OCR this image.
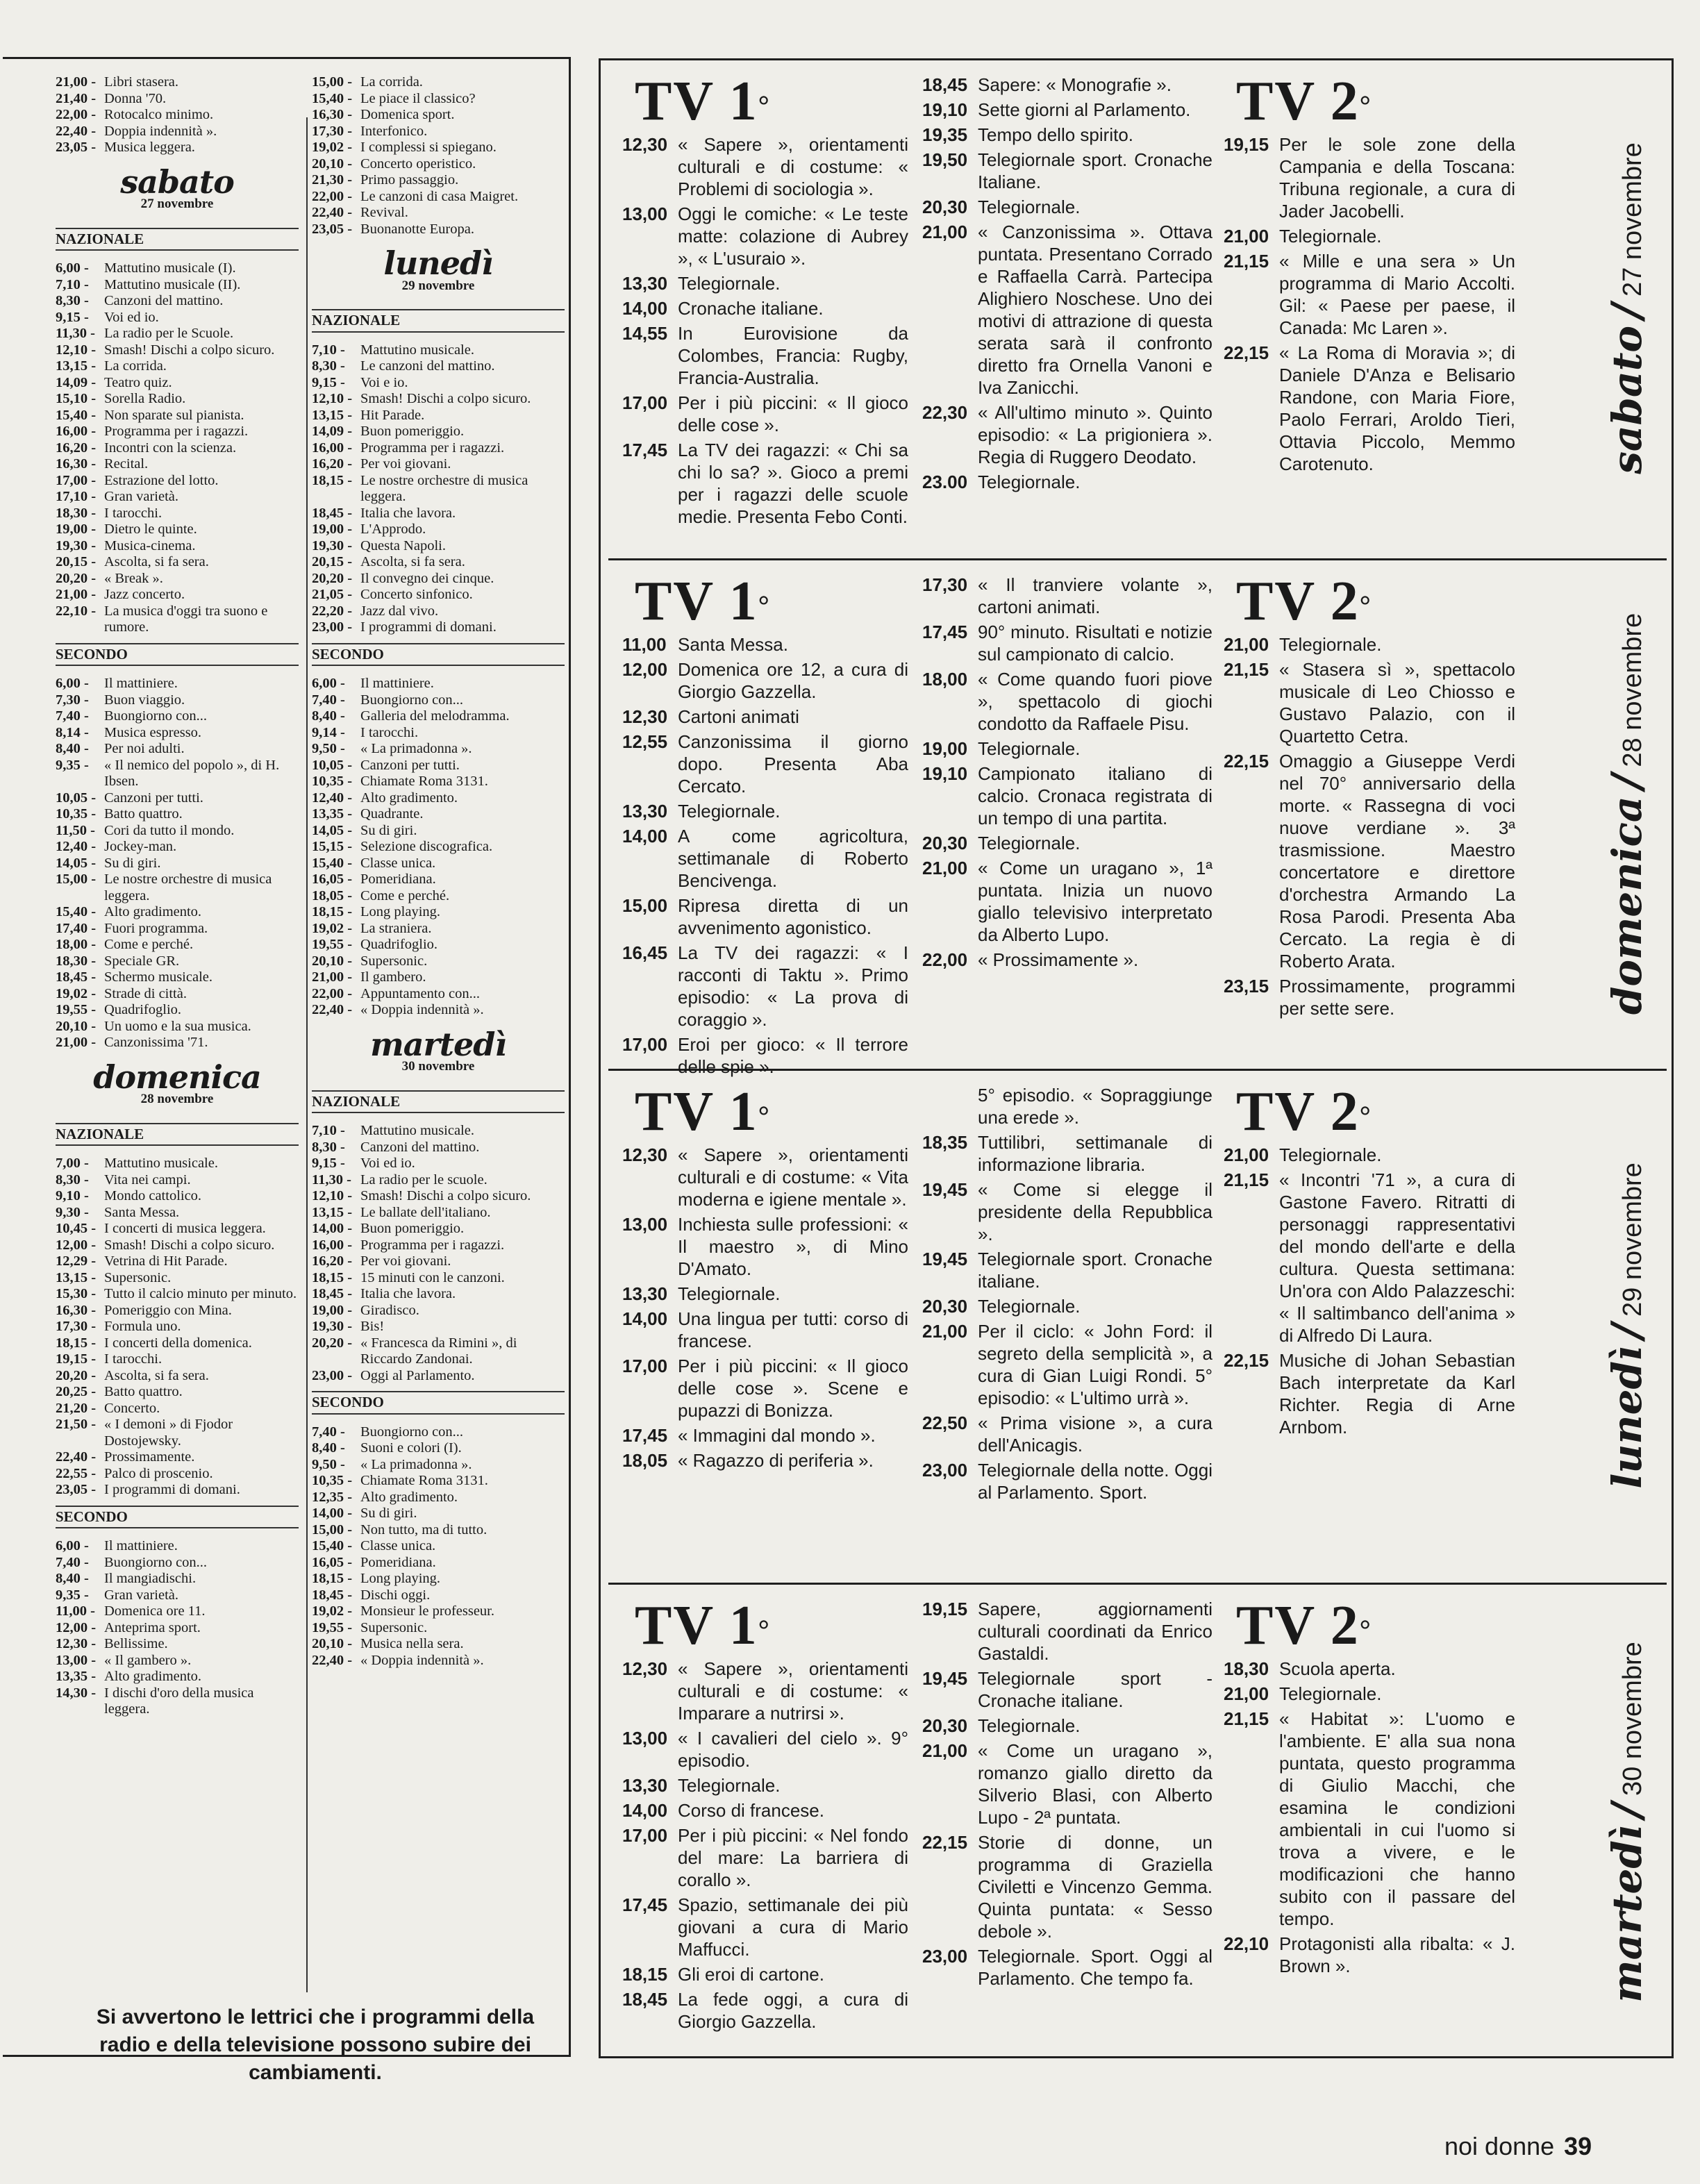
21,00 - Libri stasera.
21,40 - Donna '70.
22,00 - Rotocalco minimo.
22,40 - Doppia indennità ».
23,05 - Musica leggera.
sabato
27 novembre
NAZIONALE
6,00 -	Mattutino musicale (I).
7,10 -	Mattutino musicale (II).
8,30 -	Canzoni del mattino.
9,15 -	Voi ed io.
11,30 - La radio per le Scuole.
12,10 - Smash! Dischi a colpo sicuro.
13,15 - La corrida.
14,09 - Teatro quiz.
15,10 - Sorella Radio.
15,40 - Non sparate sul pianista.
16,00 - Programma per i ragazzi.
16,20 - Incontri con la scienza.
16,30 - Recital.
17,00 - Estrazione del lotto.
17,10 - Gran varietà.
18,30 - I tarocchi.
19,00 - Dietro le quinte.
19,30 - Musica-cinema.
20,15 - Ascolta, si fa sera.
20,20 - « Break ».
21,00 - Jazz concerto.
22,10 - La musica d'oggi tra suono e rumore.
SECONDO
6,00 -	Il mattiniere.
7,30 -	Buon viaggio.
7,40 -	Buongiorno con...
8,14 -	Musica espresso.
8,40 -	Per noi adulti.
9,35 -	« Il nemico del popolo », di H. Ibsen.
10,05 - Canzoni per tutti.
10,35 - Batto quattro.
11,50 - Cori da tutto il mondo.
12,40 - Jockey-man.
14,05 - Su di giri.
15,00 - Le nostre orchestre di musica leggera.
15,40 - Alto gradimento.
17,40 - Fuori programma.
18,00 - Come e perché.
18,30 - Speciale GR.
18,45 - Schermo musicale.
19,02 - Strade di città.
19,55 - Quadrifoglio.
20,10 - Un uomo e la sua musica.
21,00 - Canzonissima '71.
domenica
28 novembre
NAZIONALE
7,00 -	Mattutino musicale.
8,30 -	Vita nei campi.
9,10 -	Mondo cattolico.
9,30 -	Santa Messa.
10,45 - I concerti di musica leggera.
12,00 - Smash! Dischi a colpo sicuro.
12,29 - Vetrina di Hit Parade.
13,15 - Supersonic.
15,30 - Tutto il calcio minuto per minuto.
16,30 - Pomeriggio con Mina.
17,30 - Formula uno.
18,15 - I concerti della domenica.
19,15 - I tarocchi.
20,20 - Ascolta, si fa sera.
20,25 - Batto quattro.
21,20 - Concerto.
21,50 - « I demoni » di Fjodor Dostojewsky.
22,40 - Prossimamente.
22,55 - Palco di proscenio.
23,05 - I programmi di domani.
SECONDO
6,00 -	Il mattiniere.
7,40 -	Buongiorno con...
8,40 -	Il mangiadischi.
9,35 -	Gran varietà.
11,00 - Domenica ore 11.
12,00 - Anteprima sport.
12,30 - Bellissime.
13,00 - « Il gambero ».
13,35 - Alto gradimento.
14,30 - I dischi d'oro della musica leggera.
15,00 - La corrida.
15,40 - Le piace il classico?
16,30 - Domenica sport.
17,30 - Interfonico.
19,02 - I complessi si spiegano.
20,10 - Concerto operistico.
21,30 - Primo passaggio.
22,00 - Le canzoni di casa Maigret.
22,40 - Revival.
23,05 - Buonanotte Europa.
lunedì
29 novembre
NAZIONALE
7,10 -	Mattutino musicale.
8,30 -	Le canzoni del mattino.
9,15 -	Voi e io.
12,10 - Smash! Dischi a colpo sicuro.
13,15 - Hit Parade.
14,09 - Buon pomeriggio.
16,00 - Programma per i ragazzi.
16,20 - Per voi giovani.
18,15 - Le nostre orchestre di musica leggera.
18,45 - Italia che lavora.
19,00 - L'Approdo.
19,30 - Questa Napoli.
20,15 - Ascolta, si fa sera.
20,20 - Il convegno dei cinque.
21,05 - Concerto sinfonico.
22,20 - Jazz dal vivo.
23,00 - I programmi di domani.
SECONDO
6,00 -	Il mattiniere.
7,40 -	Buongiorno con...
8,40 -	Galleria del melodramma.
9,14 -	I tarocchi.
9,50 -	« La primadonna ».
10,05 - Canzoni per tutti.
10,35 - Chiamate Roma 3131.
12,40 - Alto gradimento.
13,35 - Quadrante.
14,05 - Su di giri.
15,15 - Selezione discografica.
15,40 - Classe unica.
16,05 - Pomeridiana.
18,05 - Come e perché.
18,15 - Long playing.
19,02 - La straniera.
19,55 - Quadrifoglio.
20,10 - Supersonic.
21,00 - Il gambero.
22,00 - Appuntamento con...
22,40 - « Doppia indennità ».
martedì
30 novembre
NAZIONALE
7,10 -	Mattutino musicale.
8,30 -	Canzoni del mattino.
9,15 -	Voi ed io.
11,30 - La radio per le scuole.
12,10 - Smash! Dischi a colpo sicuro.
13,15 - Le ballate dell'italiano.
14,00 - Buon pomeriggio.
16,00 - Programma per i ragazzi.
16,20 - Per voi giovani.
18,15 - 15 minuti con le canzoni.
18,45 - Italia che lavora.
19,00 - Giradisco.
19,30 - Bis!
20,20 - « Francesca da Rimini », di Riccardo Zandonai.
23,00 - Oggi al Parlamento.
SECONDO
7,40 -	Buongiorno con...
8,40 -	Suoni e colori (I).
9,50 -	« La primadonna ».
10,35 - Chiamate Roma 3131.
12,35 - Alto gradimento.
14,00 - Su di giri.
15,00 - Non tutto, ma di tutto.
15,40 - Classe unica.
16,05 - Pomeridiana.
18,15 - Long playing.
18,45 - Dischi oggi.
19,02 - Monsieur le professeur.
19,55 - Supersonic.
20,10 - Musica nella sera.
22,40 - « Doppia indennità ».
Si avvertono le lettrici che i programmi della radio e della televisione possono subire dei cambiamenti.
TV 1°
12,30 « Sapere », orientamenti culturali e di costume: « Problemi di sociologia ».
13,00 Oggi le comiche: « Le teste matte: colazione di Aubrey », « L'usuraio ».
13,30 Telegiornale.
14,00 Cronache italiane.
14,55 In Eurovisione da Colombes, Francia: Rugby, Francia-Australia.
17,00 Per i più piccini: « Il gioco delle cose ».
17,45 La TV dei ragazzi: « Chi sa chi lo sa? ». Gioco a premi per i ragazzi delle scuole medie. Presenta Febo Conti.
18,45 Sapere: « Monografie ».
19,10 Sette giorni al Parlamento.
19,35 Tempo dello spirito.
19,50 Telegiornale sport. Cronache Italiane.
20,30 Telegiornale.
21,00 « Canzonissima ». Ottava puntata. Presentano Corrado e Raffaella Carrà. Partecipa Alighiero Noschese. Uno dei motivi di attrazione di questa serata sarà il confronto diretto fra Ornella Vanoni e Iva Zanicchi.
22,30 « All'ultimo minuto ». Quinto episodio: « La prigioniera ». Regia di Ruggero Deodato.
23.00 Telegiornale.
TV 2°
19,15 Per le sole zone della Campania e della Toscana: Tribuna regionale, a cura di Jader Jacobelli.
21,00 Telegiornale.
21,15 « Mille e una sera » Un programma di Mario Accolti. Gil: « Paese per paese, il Canada: Mc Laren ».
22,15 « La Roma di Moravia »; di Daniele D'Anza e Belisario Randone, con Maria Fiore, Paolo Ferrari, Aroldo Tieri, Ottavia Piccolo, Memmo Carotenuto.	sabato
/
27 novembre
TV 1°
11,00 Santa Messa.
12,00 Domenica ore 12, a cura di Giorgio Gazzella.
12,30 Cartoni animati
12,55 Canzonissima il giorno dopo. Presenta Aba Cercato.
13,30 Telegiornale.
14,00 A come agricoltura, settimanale di Roberto Bencivenga.
15,00 Ripresa diretta di un avvenimento agonistico.
16,45 La TV dei ragazzi: « I racconti di Taktu ». Primo episodio: « La prova di coraggio ».
17,00 Eroi per gioco: « Il terrore delle spie ».
17,30 « Il tranviere volante », cartoni animati.
17,45 90° minuto. Risultati e notizie sul campionato di calcio.
18,00 « Come quando fuori piove », spettacolo di giochi condotto da Raffaele Pisu.
19,00 Telegiornale.
19,10 Campionato italiano di calcio. Cronaca registrata di un tempo di una partita.
20,30 Telegiornale.
21,00 « Come un uragano », 1ª puntata. Inizia un nuovo giallo televisivo interpretato da Alberto Lupo.
22,00 « Prossimamente ».
TV 2°
21,00 Telegiornale.
21,15 « Stasera sì », spettacolo musicale di Leo Chiosso e Gustavo Palazio, con il Quartetto Cetra.
22,15 Omaggio a Giuseppe Verdi nel 70° anniversario della morte. « Rassegna di voci nuove verdiane ». 3ª trasmissione. Maestro concertatore e direttore d'orchestra Armando La Rosa Parodi. Presenta Aba Cercato. La regia è di Roberto Arata.
23,15 Prossimamente, programmi per sette sere.	domenica
/
28 novembre
TV 1°
12,30 « Sapere », orientamenti culturali e di costume: « Vita moderna e igiene mentale ».
13,00 Inchiesta sulle professioni: « Il maestro », di Mino D'Amato.
13,30 Telegiornale.
14,00 Una lingua per tutti: corso di francese.
17,00 Per i più piccini: « Il gioco delle cose ». Scene e pupazzi di Bonizza.
17,45 « Immagini dal mondo ».
18,05 « Ragazzo di periferia ».
5° episodio. « Sopraggiunge una erede ».
18,35 Tuttilibri, settimanale di informazione libraria.
19,45 « Come si elegge il presidente della Repubblica ».
19,45 Telegiornale sport. Cronache italiane.
20,30 Telegiornale.
21,00 Per il ciclo: « John Ford: il segreto della semplicità », a cura di Gian Luigi Rondi. 5° episodio: « L'ultimo urrà ».
22,50 « Prima visione », a cura dell'Anicagis.
23,00 Telegiornale della notte. Oggi al Parlamento. Sport.
TV 2°
21,00 Telegiornale.
21,15 « Incontri '71 », a cura di Gastone Favero. Ritratti di personaggi rappresentativi del mondo dell'arte e della cultura. Questa settimana: Un'ora con Aldo Palazzeschi: « Il saltimbanco dell'anima » di Alfredo Di Laura.
22,15 Musiche di Johan Sebastian Bach interpretate da Karl Richter. Regia di Arne Arnbom.	lunedì
/
29 novembre
TV 1°
12,30 « Sapere », orientamenti culturali e di costume: « Imparare a nutrirsi ».
13,00 « I cavalieri del cielo ». 9° episodio.
13,30 Telegiornale.
14,00 Corso di francese.
17,00 Per i più piccini: « Nel fondo del mare: La barriera di corallo ».
17,45 Spazio, settimanale dei più giovani a cura di Mario Maffucci.
18,15 Gli eroi di cartone.
18,45 La fede oggi, a cura di Giorgio Gazzella.
19,15 Sapere, aggiornamenti culturali coordinati da Enrico Gastaldi.
19,45 Telegiornale sport - Cronache italiane.
20,30 Telegiornale.
21,00 « Come un uragano », romanzo giallo diretto da Silverio Blasi, con Alberto Lupo - 2ª puntata.
22,15 Storie di donne, un programma di Graziella Civiletti e Vincenzo Gemma. Quinta puntata: « Sesso debole ».
23,00 Telegiornale. Sport. Oggi al Parlamento. Che tempo fa.
TV 2°
18,30 Scuola aperta.
21,00 Telegiornale.
21,15 « Habitat »: L'uomo e l'ambiente. E' alla sua nona puntata, questo programma di Giulio Macchi, che esamina le condizioni ambientali in cui l'uomo si trova a vivere, e le modificazioni che hanno subito con il passare del tempo.
22,10 Protagonisti alla ribalta: « J. Brown ».	martedì
/
30 novembre
noi donne 39
